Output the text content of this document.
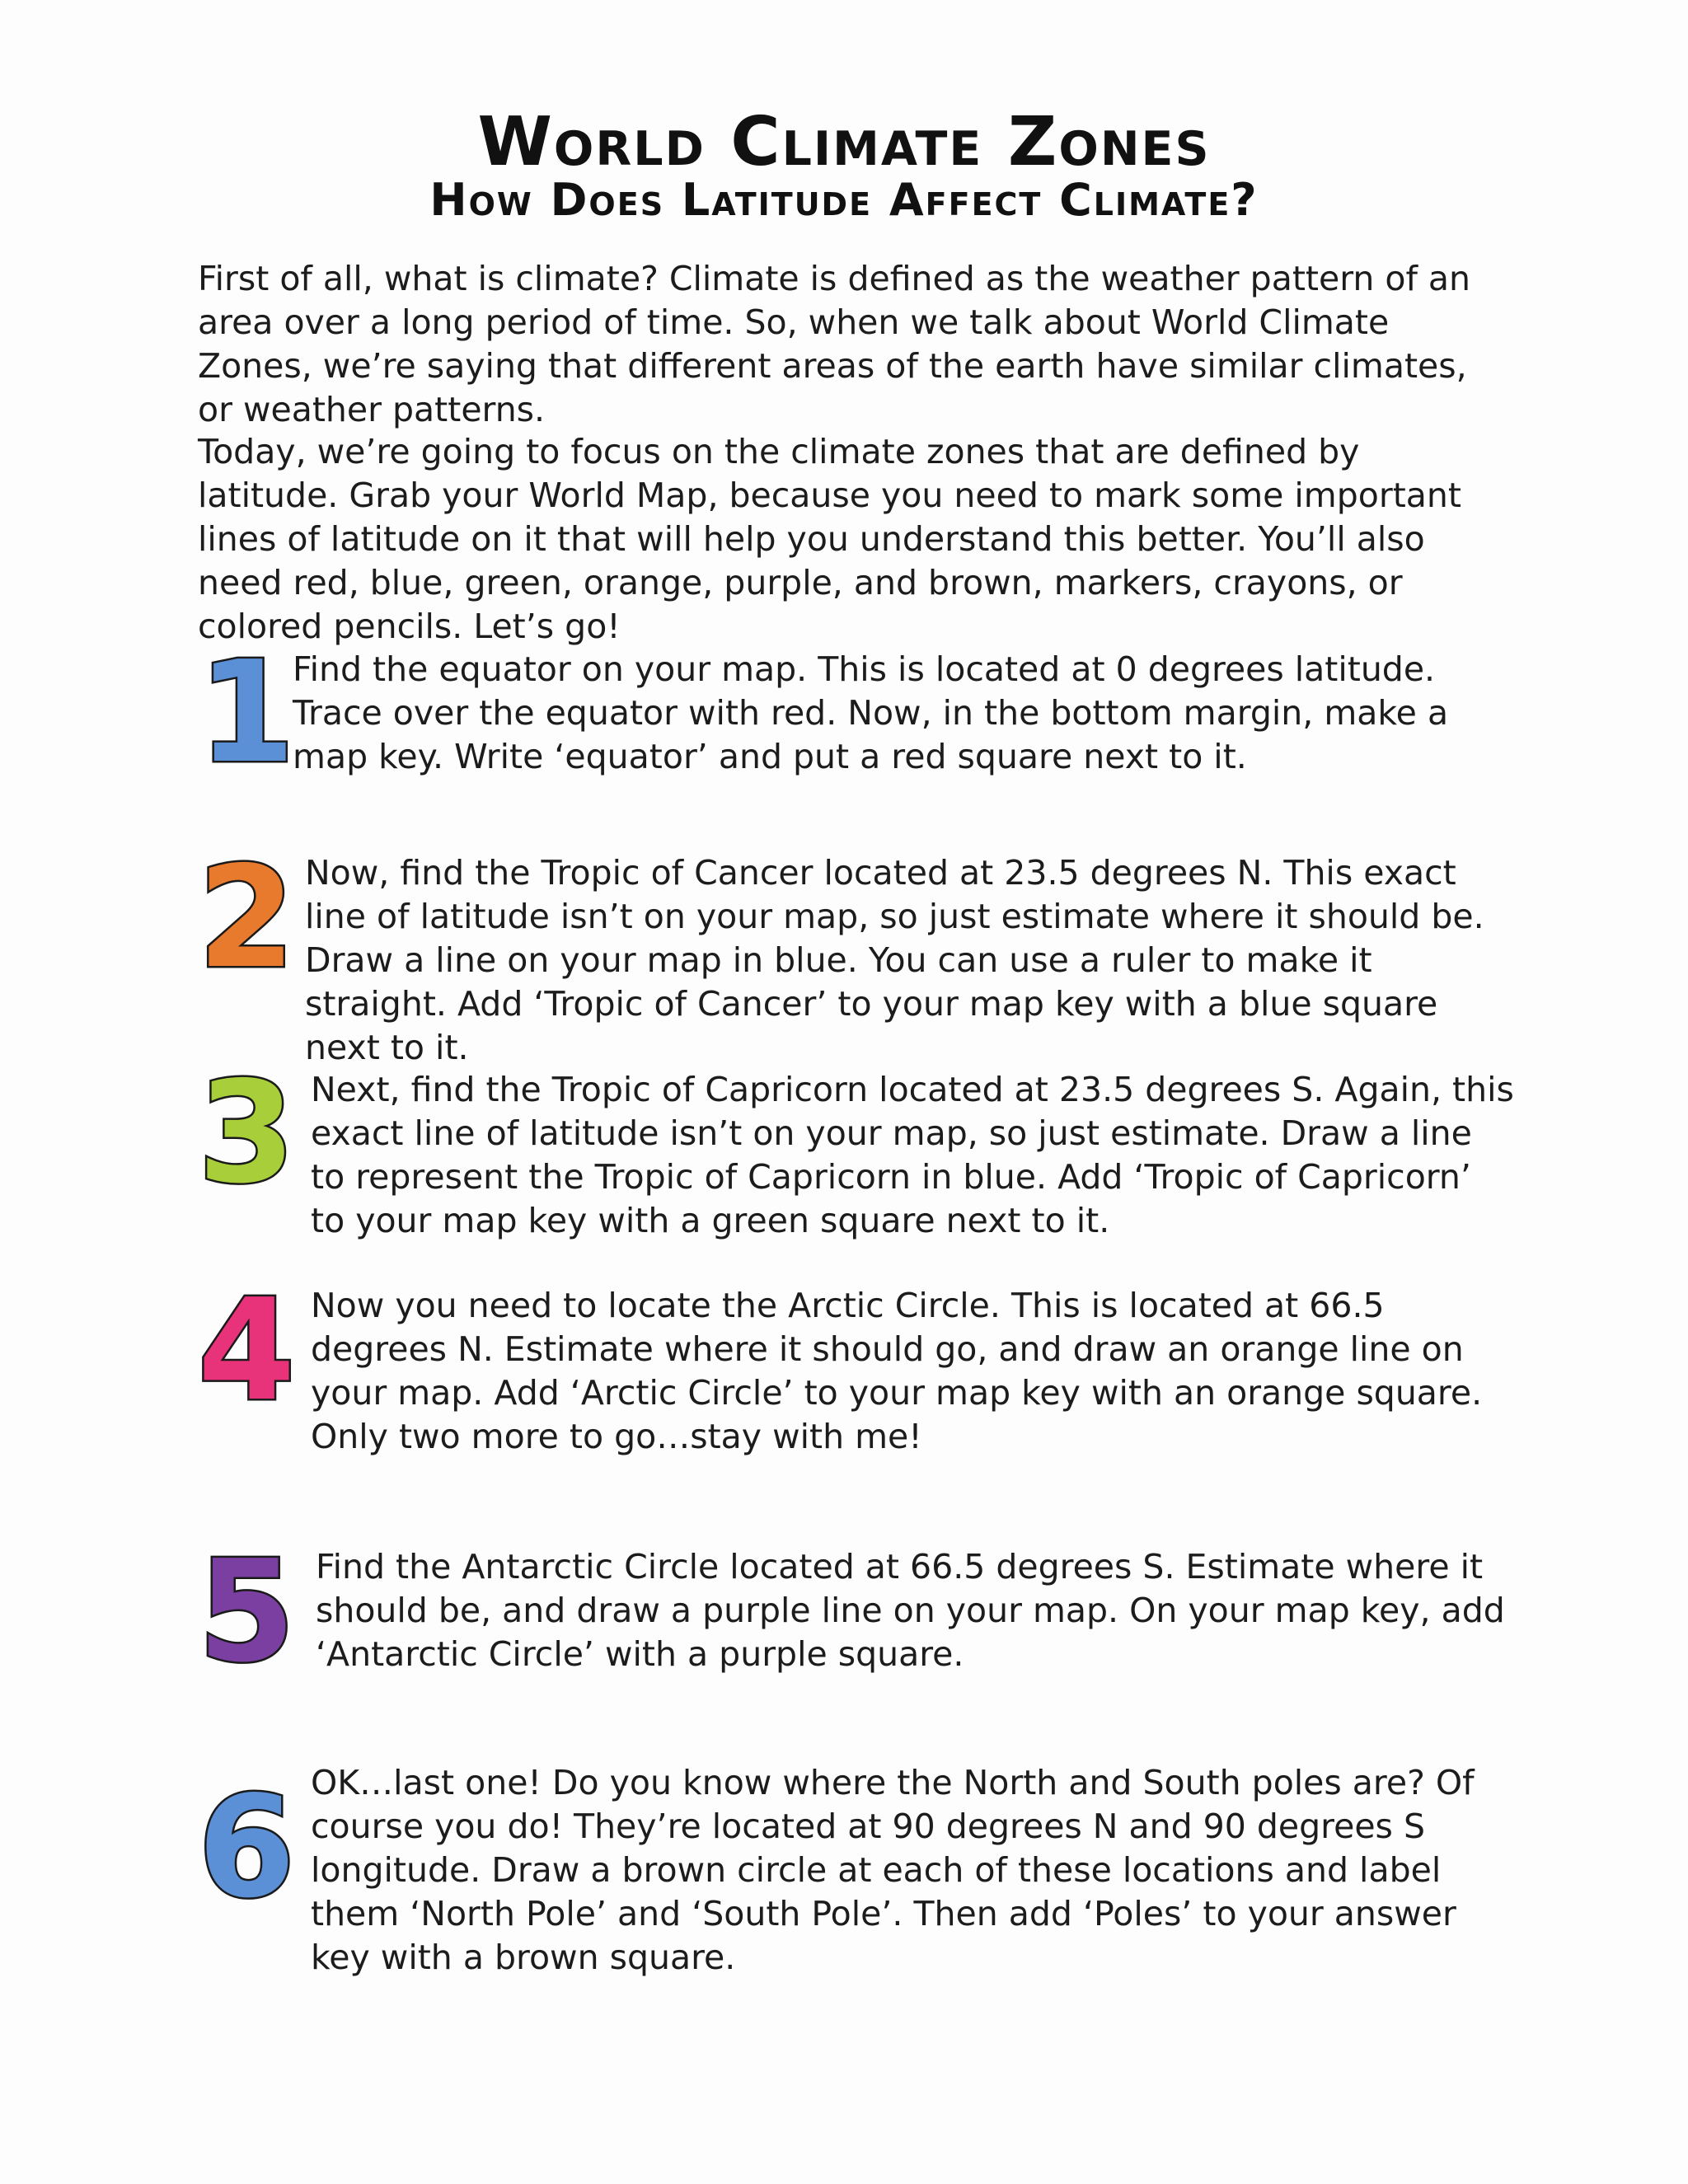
World Climate Zones
How Does Latitude Affect Climate?

First of all, what is climate? Climate is defined as the weather pattern of an area over a long period of time. So, when we talk about World Climate Zones, we’re saying that different areas of the earth have similar climates, or weather patterns.

Today, we’re going to focus on the climate zones that are defined by latitude. Grab your World Map, because you need to mark some important lines of latitude on it that will help you understand this better. You’ll also need red, blue, green, orange, purple, and brown, markers, crayons, or colored pencils. Let’s go!

1

Find the equator on your map. This is located at 0 degrees latitude. Trace over the equator with red. Now, in the bottom margin, make a map key. Write ‘equator’ and put a red square next to it.

2 Now, find the Tropic of Cancer located at 23.5 degrees N. This exact line of latitude isn’t on your map, so just estimate where it should be. Draw a line on your map in blue. You can use a ruler to make it straight. Add ‘Tropic of Cancer’ to your map key with a blue square next to it.

3 Next, find the Tropic of Capricorn located at 23.5 degrees S. Again, this exact line of latitude isn’t on your map, so just estimate. Draw a line to represent the Tropic of Capricorn in blue. Add ‘Tropic of Capricorn’ to your map key with a green square next to it.

4 Now you need to locate the Arctic Circle. This is located at 66.5 degrees N. Estimate where it should go, and draw an orange line on your map. Add ‘Arctic Circle’ to your map key with an orange square. Only two more to go…stay with me!

5 Find the Antarctic Circle located at 66.5 degrees S. Estimate where it should be, and draw a purple line on your map. On your map key, add ‘Antarctic Circle’ with a purple square.

6 OK…last one! Do you know where the North and South poles are? Of course you do! They’re located at 90 degrees N and 90 degrees S longitude. Draw a brown circle at each of these locations and label them ‘North Pole’ and ‘South Pole’. Then add ‘Poles’ to your answer key with a brown square.
